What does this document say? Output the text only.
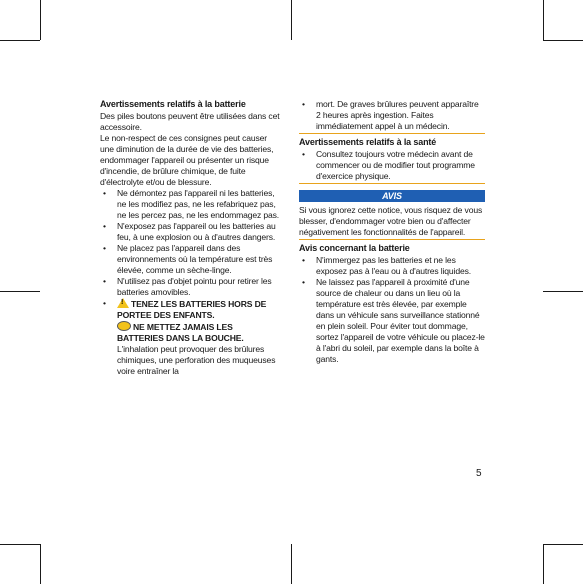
Avertissements relatifs à la batterie

Des piles boutons peuvent être utilisées dans cet accessoire.

Le non-respect de ces consignes peut causer une diminution de la durée de vie des batteries, endommager l'appareil ou présenter un risque d'incendie, de brûlure chimique, de fuite d'électrolyte et/ou de blessure.

• Ne démontez pas l'appareil ni les batteries, ne les modifiez pas, ne les refabriquez pas, ne les percez pas, ne les endommagez pas.
• N'exposez pas l'appareil ou les batteries au feu, à une explosion ou à d'autres dangers.
• Ne placez pas l'appareil dans des environnements où la température est très élevée, comme un sèche-linge.
• N'utilisez pas d'objet pointu pour retirer les batteries amovibles.
!• TENEZ LES BATTERIES HORS DE PORTEE DES ENFANTS.
NE METTEZ JAMAIS LES BATTERIES DANS LA BOUCHE.
L'inhalation peut provoquer des brûlures chimiques, une perforation des muqueuses voire entraîner la
• mort. De graves brûlures peuvent apparaître 2 heures après ingestion. Faites immédiatement appel à un médecin.

Avertissements relatifs à la santé

• Consultez toujours votre médecin avant de commencer ou de modifier tout programme d'exercice physique.
AVIS

Si vous ignorez cette notice, vous risquez de vous blesser, d'endommager votre bien ou d'affecter négativement les fonctionnalités de l'appareil.

Avis concernant la batterie

• N'immergez pas les batteries et ne les exposez pas à l'eau ou à d'autres liquides.
• Ne laissez pas l'appareil à proximité d'une source de chaleur ou dans un lieu où la température est très élevée, par exemple dans un véhicule sans surveillance stationné en plein soleil. Pour éviter tout dommage, sortez l'appareil de votre véhicule ou placez-le à l'abri du soleil, par exemple dans la boîte à gants.
5
